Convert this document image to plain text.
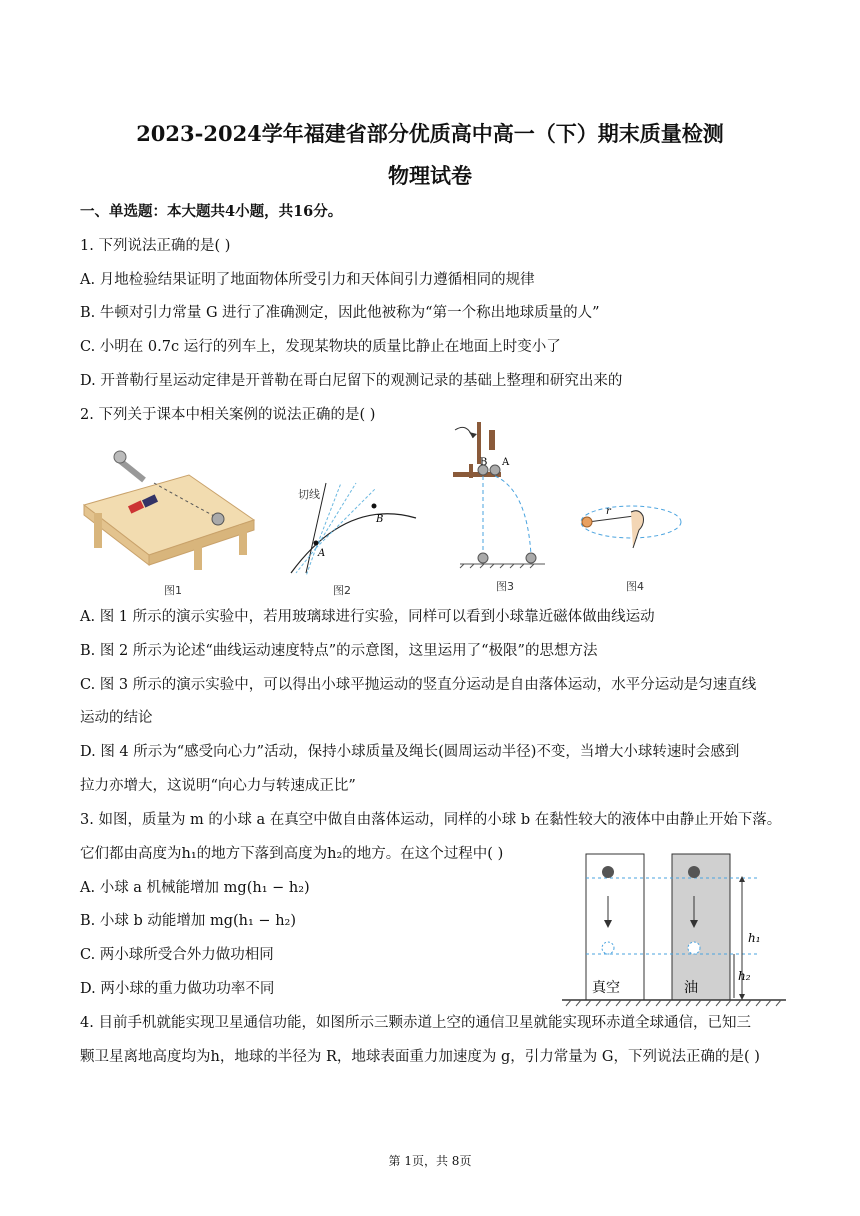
2023-2024学年福建省部分优质高中高一（下）期末质量检测
物理试卷
一、单选题：本大题共4小题，共16分。
1. 下列说法正确的是( )
A. 月地检验结果证明了地面物体所受引力和天体间引力遵循相同的规律
B. 牛顿对引力常量 G 进行了准确测定，因此他被称为“第一个称出地球质量的人”
C. 小明在 0.7c 运行的列车上，发现某物块的质量比静止在地面上时变小了
D. 开普勒行星运动定律是开普勒在哥白尼留下的观测记录的基础上整理和研究出来的
2. 下列关于课本中相关案例的说法正确的是( )
图1
A
B
切线
图2
B A
图3
r
图4
A. 图 1 所示的演示实验中，若用玻璃球进行实验，同样可以看到小球靠近磁体做曲线运动
B. 图 2 所示为论述“曲线运动速度特点”的示意图，这里运用了“极限”的思想方法
C. 图 3 所示的演示实验中，可以得出小球平抛运动的竖直分运动是自由落体运动，水平分运动是匀速直线
运动的结论
D. 图 4 所示为“感受向心力”活动，保持小球质量及绳长(圆周运动半径)不变，当增大小球转速时会感到
拉力亦增大，这说明“向心力与转速成正比”
3. 如图，质量为 m 的小球 a 在真空中做自由落体运动，同样的小球 b 在黏性较大的液体中由静止开始下落。
它们都由高度为h₁的地方下落到高度为h₂的地方。在这个过程中( )
A. 小球 a 机械能增加 mg(h₁ − h₂)
B. 小球 b 动能增加 mg(h₁ − h₂)
C. 两小球所受合外力做功相同
D. 两小球的重力做功功率不同
h₁
h₂
真空	油
4. 目前手机就能实现卫星通信功能，如图所示三颗赤道上空的通信卫星就能实现环赤道全球通信，已知三
颗卫星离地高度均为h，地球的半径为 R，地球表面重力加速度为 g，引力常量为 G，下列说法正确的是( )
第 1页，共 8页
